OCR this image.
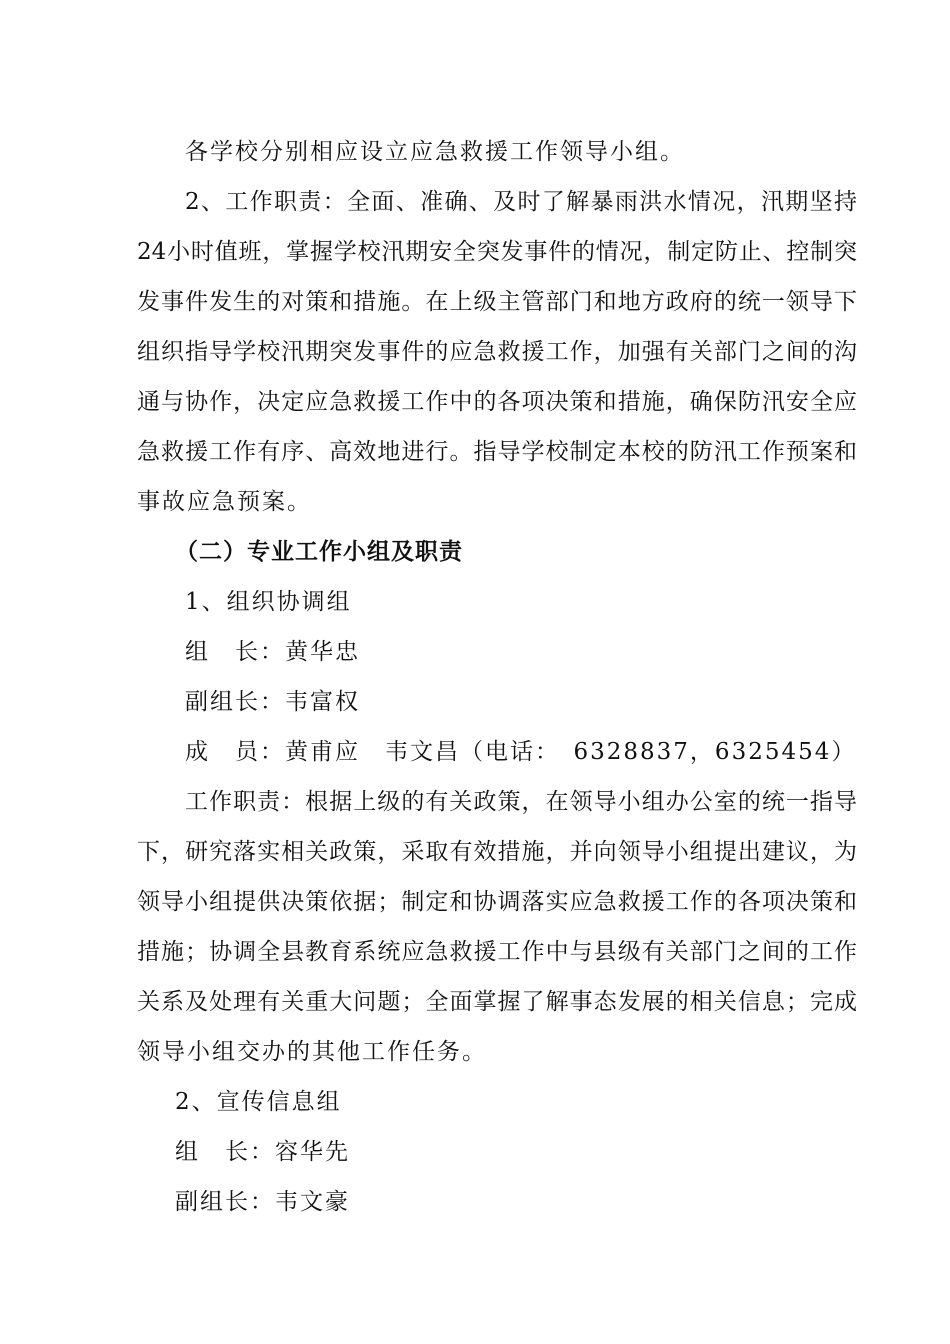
各学校分别相应设立应急救援工作领导小组。
2、工作职责：全面、准确、及时了解暴雨洪水情况，汛期坚持
24小时值班，掌握学校汛期安全突发事件的情况，制定防止、控制突
发事件发生的对策和措施。在上级主管部门和地方政府的统一领导下
组织指导学校汛期突发事件的应急救援工作，加强有关部门之间的沟
通与协作，决定应急救援工作中的各项决策和措施，确保防汛安全应
急救援工作有序、高效地进行。指导学校制定本校的防汛工作预案和
事故应急预案。
（二）专业工作小组及职责
1、组织协调组
组　长：黄华忠
副组长：韦富权
成　员：黄甫应　韦文昌（电话：　6328837，6325454）
工作职责：根据上级的有关政策，在领导小组办公室的统一指导
下，研究落实相关政策，采取有效措施，并向领导小组提出建议，为
领导小组提供决策依据；制定和协调落实应急救援工作的各项决策和
措施；协调全县教育系统应急救援工作中与县级有关部门之间的工作
关系及处理有关重大问题；全面掌握了解事态发展的相关信息；完成
领导小组交办的其他工作任务。
2、宣传信息组
组　长：容华先
副组长：韦文豪
